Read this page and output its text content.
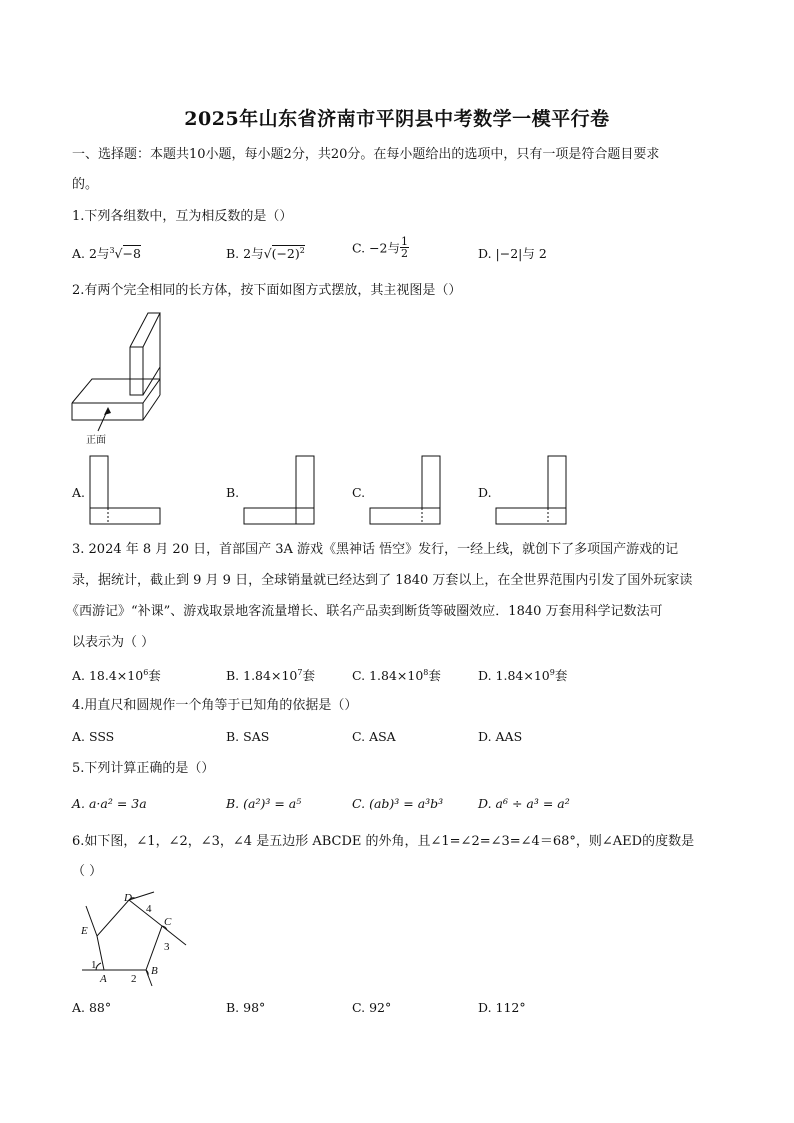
2025年山东省济南市平阴县中考数学一模平行卷
一、选择题：本题共10小题，每小题2分，共20分。在每小题给出的选项中，只有一项是符合题目要求
的。
1.下列各组数中，互为相反数的是（）
A. 2与$^3$√−8	B. 2与$√(-2)^2$	C. −2与 $\frac{1}{2}$	D. |−2|与 2
2.有两个完全相同的长方体，按下面如图方式摆放，其主视图是（）
正面
A.	B.	C.	D.
3. 2024 年 8 月 20 日，首部国产 3A 游戏《黑神话 悟空》发行，一经上线，就创下了多项国产游戏的记
录，据统计，截止到 9 月 9 日，全球销量就已经达到了 1840 万套以上，在全世界范围内引发了国外玩家读
《西游记》“补课”、游戏取景地客流量增长、联名产品卖到断货等破圈效应．1840 万套用科学记数法可
以表示为（ ）
A. $18.4\times 10^6$套	B. $1.84\times 10^7$套	C. $1.84\times 10^8$套	D. $1.84\times 10^9$套
4.用直尺和圆规作一个角等于已知角的依据是（）
A. SSS	B. SAS	C. ASA	D. AAS
5.下列计算正确的是（）
A. a·a² = 3a	B. (a²)³ = a⁵	C. (ab)³ = a³b³	D. a⁶ ÷ a³ = a²
6.如下图，∠1，∠2，∠3，∠4 是五边形 ABCDE 的外角，且∠1=∠2=∠3=∠4＝68°，则∠AED的度数是
（ ）
A
B
C
D
E
1
2
3
4
A. 88°	B. 98°	C. 92°	D. 112°
